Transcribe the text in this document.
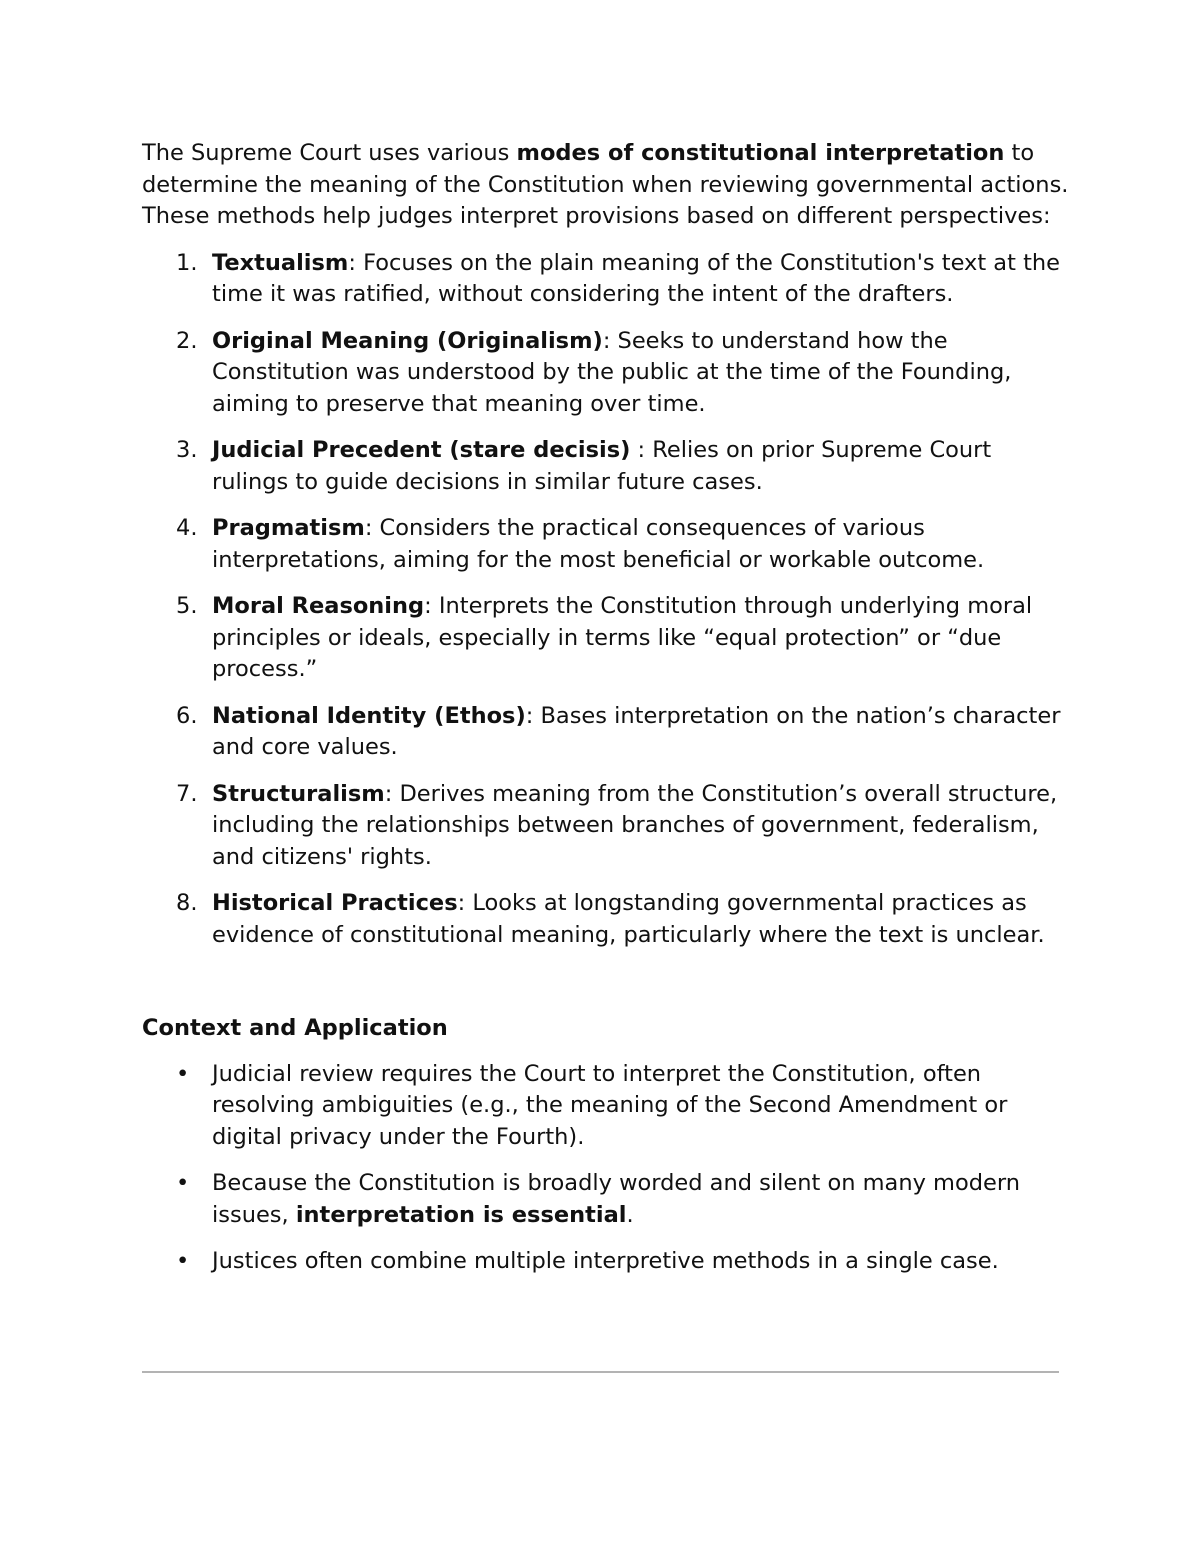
The Supreme Court uses various modes of constitutional interpretation to determine the meaning of the Constitution when reviewing governmental actions. These methods help judges interpret provisions based on different perspectives:

1. Textualism: Focuses on the plain meaning of the Constitution's text at the time it was ratified, without considering the intent of the drafters.
2. Original Meaning (Originalism): Seeks to understand how the Constitution was understood by the public at the time of the Founding, aiming to preserve that meaning over time.
3. Judicial Precedent (stare decisis) : Relies on prior Supreme Court rulings to guide decisions in similar future cases.
4. Pragmatism: Considers the practical consequences of various interpretations, aiming for the most beneficial or workable outcome.
5. Moral Reasoning: Interprets the Constitution through underlying moral principles or ideals, especially in terms like “equal protection” or “due process.”
6. National Identity (Ethos): Bases interpretation on the nation’s character and core values.
7. Structuralism: Derives meaning from the Constitution’s overall structure, including the relationships between branches of government, federalism, and citizens' rights.
8. Historical Practices: Looks at longstanding governmental practices as evidence of constitutional meaning, particularly where the text is unclear.
Context and Application
• Judicial review requires the Court to interpret the Constitution, often resolving ambiguities (e.g., the meaning of the Second Amendment or digital privacy under the Fourth).
• Because the Constitution is broadly worded and silent on many modern issues, interpretation is essential.
• Justices often combine multiple interpretive methods in a single case.
